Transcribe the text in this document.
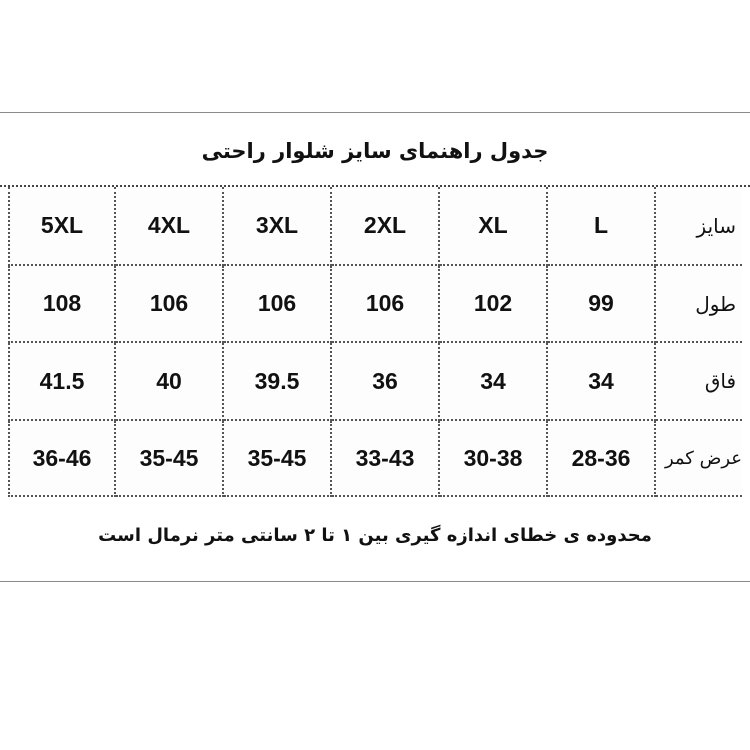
جدول راهنمای سایز شلوار راحتی
5XL	4XL	3XL	2XL	XL	L	سایز
108	106	106	106	102	99	طول
41.5	40	39.5	36	34	34	فاق
36-46	35-45	35-45	33-43	30-38	28-36	عرض کمر
محدوده ی خطای اندازه گیری بین ۱ تا ۲ سانتی متر نرمال است
